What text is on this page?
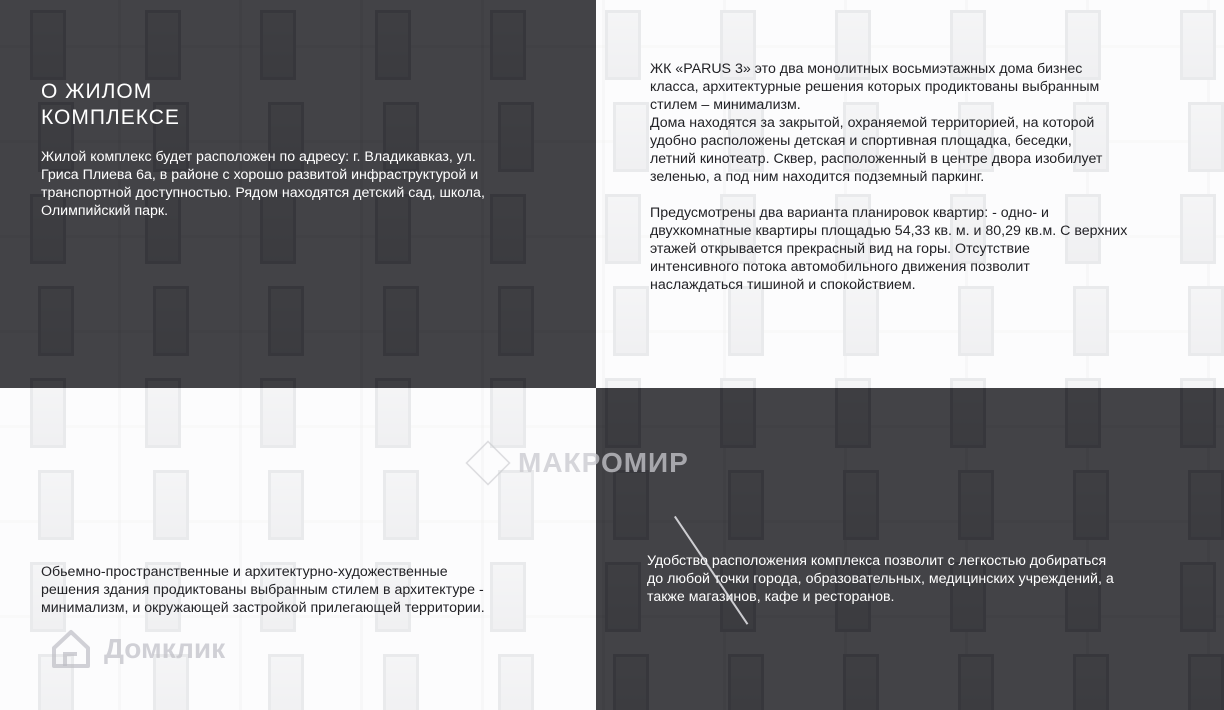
О ЖИЛОМ
КОМПЛЕКСЕ
Жилой комплекс будет расположен по адресу: г. Владикавказ, ул.
Гриса Плиева 6а, в районе с хорошо развитой инфраструктурой и
транспортной доступностью. Рядом находятся детский сад, школа,
Олимпийский парк.
ЖК «PARUS 3» это два монолитных восьмиэтажных дома бизнес
класса, архитектурные решения которых продиктованы выбранным
стилем – минимализм.
Дома находятся за закрытой, охраняемой территорией, на которой
удобно расположены детская и спортивная площадка, беседки,
летний кинотеатр. Сквер, расположенный в центре двора изобилует
зеленью, а под ним находится подземный паркинг.

Предусмотрены два варианта планировок квартир: - одно- и
двухкомнатные квартиры площадью 54,33 кв. м. и 80,29 кв.м. С верхних
этажей открывается прекрасный вид на горы. Отсутствие
интенсивного потока автомобильного движения позволит
наслаждаться тишиной и спокойствием.
Обьемно-пространственные и архитектурно-художественные
решения здания продиктованы выбранным стилем в архитектуре -
минимализм, и окружающей застройкой прилегающей территории.
Удобство расположения комплекса позволит с легкостью добираться
до любой точки города, образовательных, медицинских учреждений, а
также магазинов, кафе и ресторанов.
МАКРОМИР
Домклик
